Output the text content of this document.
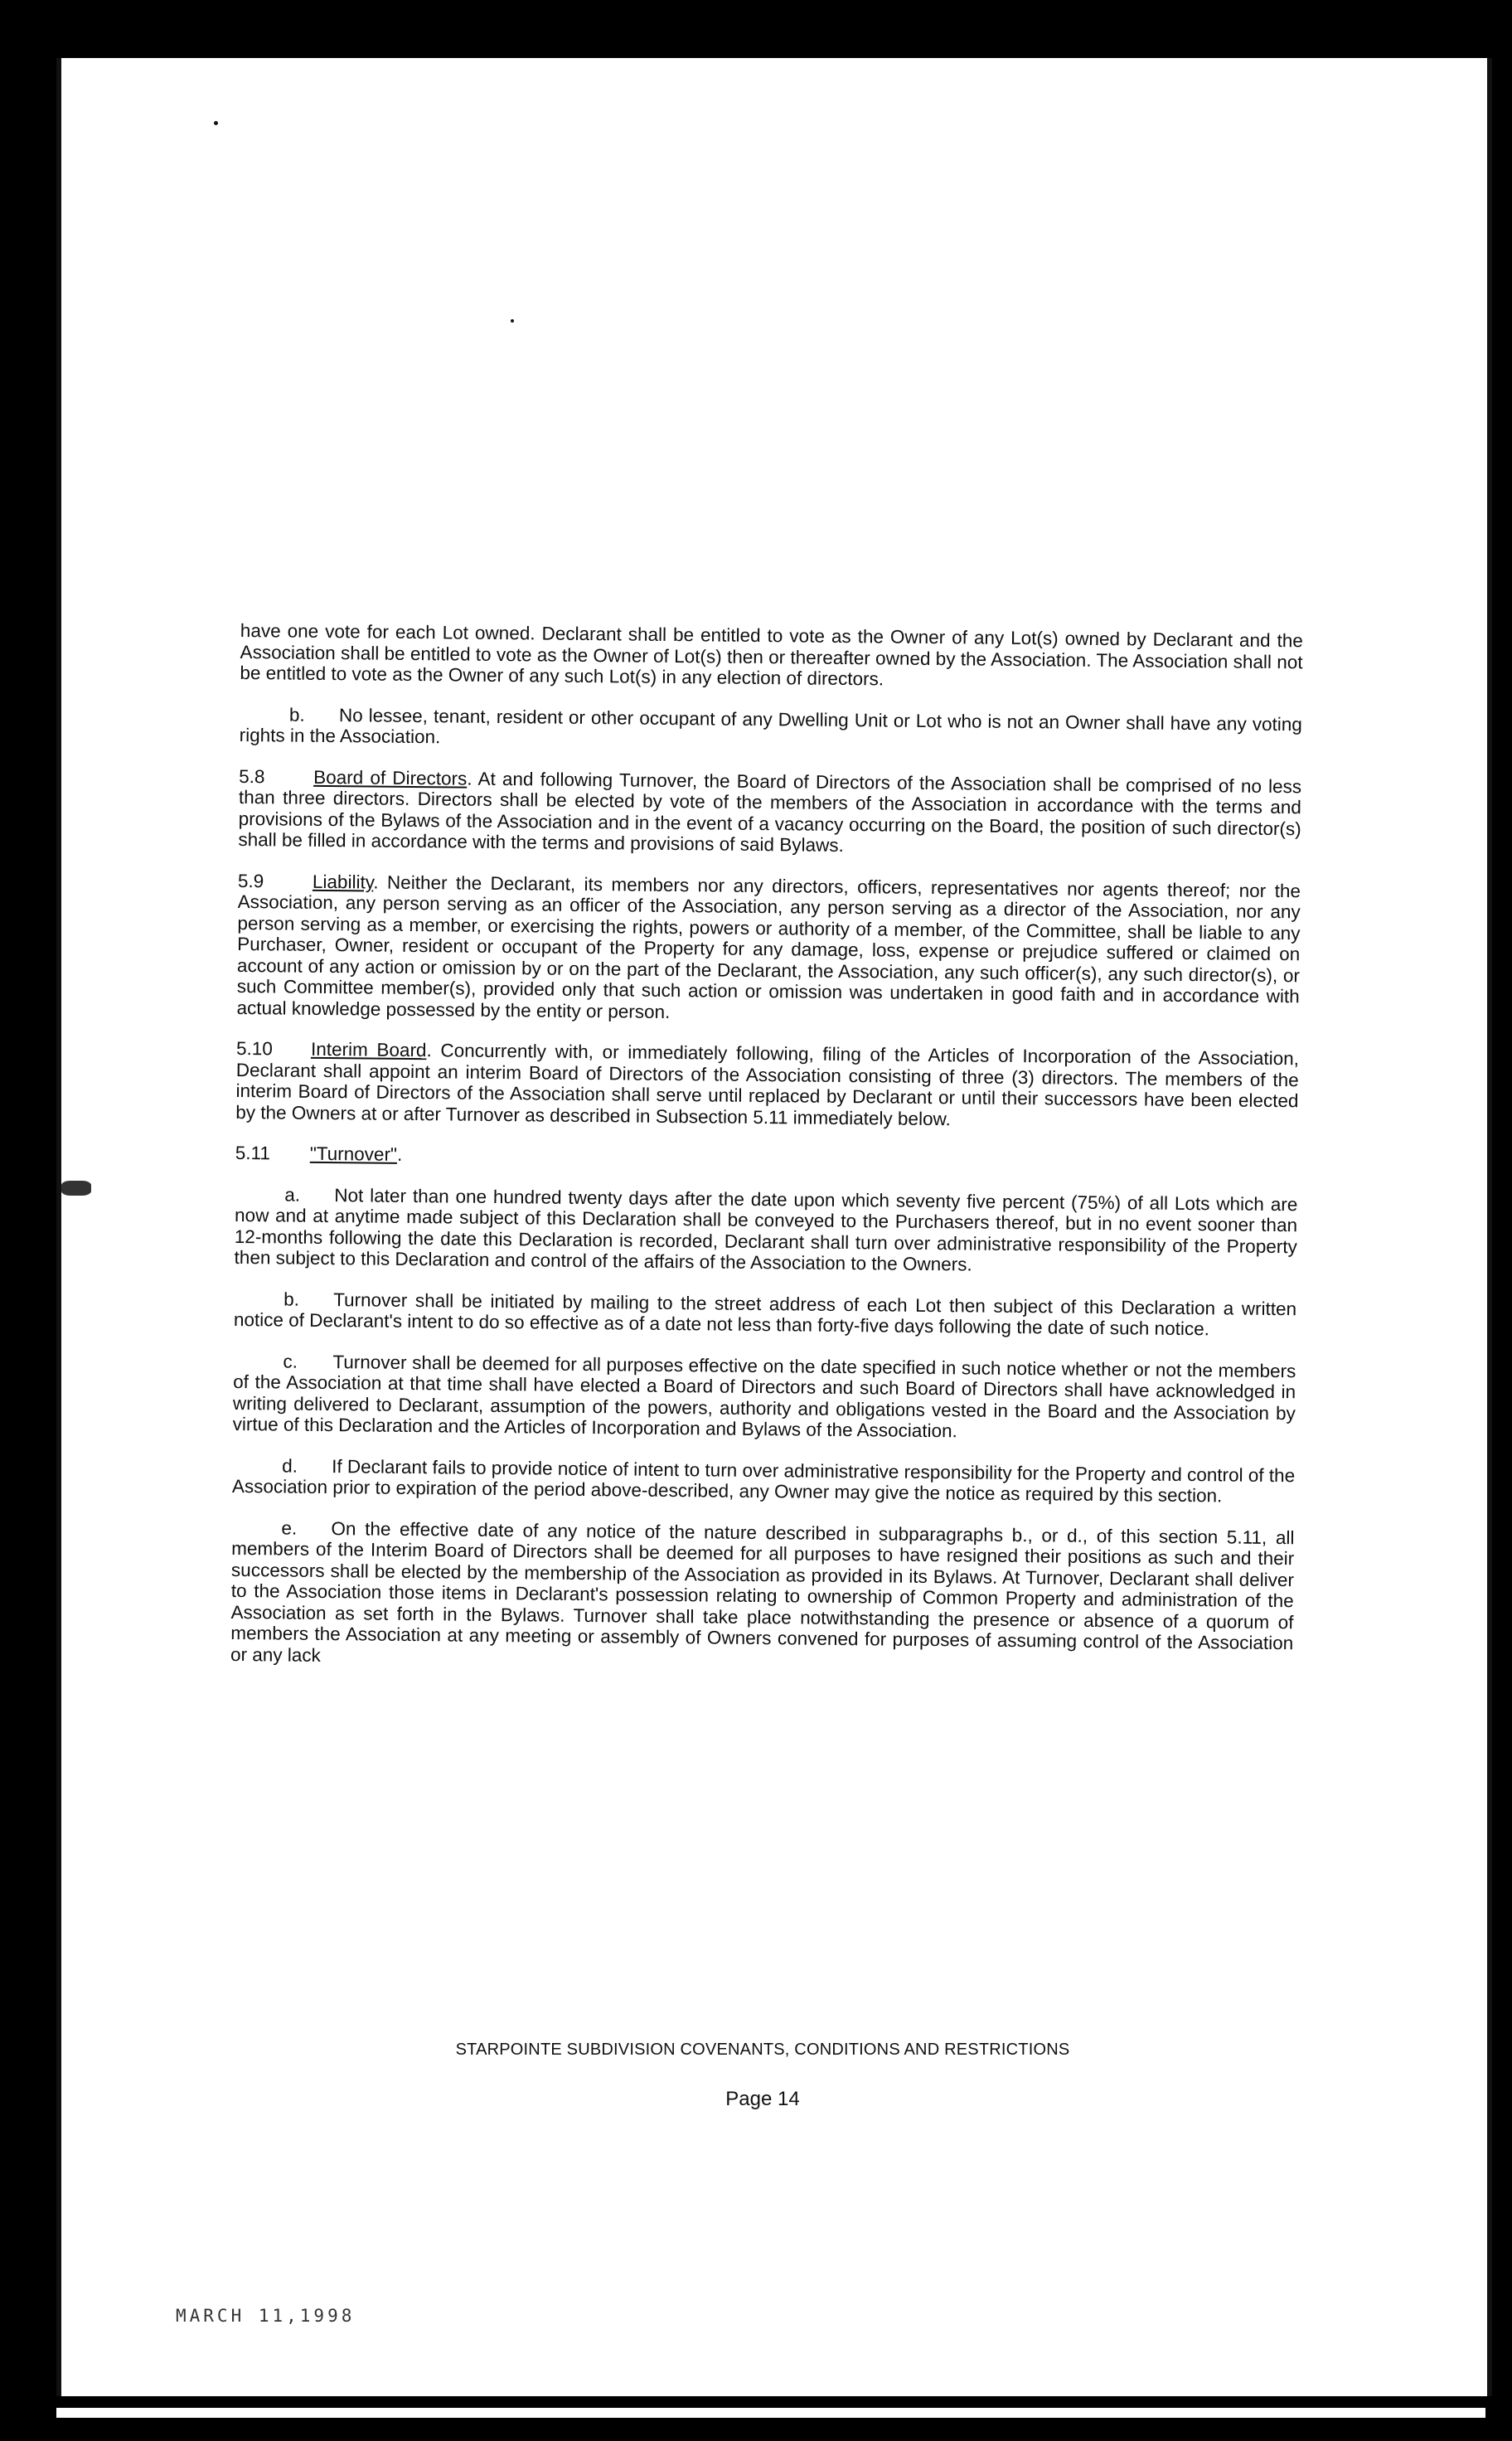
have one vote for each Lot owned. Declarant shall be entitled to vote as the Owner of any Lot(s) owned by Declarant and the Association shall be entitled to vote as the Owner of Lot(s) then or thereafter owned by the Association. The Association shall not be entitled to vote as the Owner of any such Lot(s) in any election of directors.

b. No lessee, tenant, resident or other occupant of any Dwelling Unit or Lot who is not an Owner shall have any voting rights in the Association.

5.8	Board of Directors. At and following Turnover, the Board of Directors of the Association shall be comprised of no less than three directors. Directors shall be elected by vote of the members of the Association in accordance with the terms and provisions of the Bylaws of the Association and in the event of a vacancy occurring on the Board, the position of such director(s) shall be filled in accordance with the terms and provisions of said Bylaws.

5.9	Liability. Neither the Declarant, its members nor any directors, officers, representatives nor agents thereof; nor the Association, any person serving as an officer of the Association, any person serving as a director of the Association, nor any person serving as a member, or exercising the rights, powers or authority of a member, of the Committee, shall be liable to any Purchaser, Owner, resident or occupant of the Property for any damage, loss, expense or prejudice suffered or claimed on account of any action or omission by or on the part of the Declarant, the Association, any such officer(s), any such director(s), or such Committee member(s), provided only that such action or omission was undertaken in good faith and in accordance with actual knowledge possessed by the entity or person.

5.10 Interim Board. Concurrently with, or immediately following, filing of the Articles of Incorporation of the Association, Declarant shall appoint an interim Board of Directors of the Association consisting of three (3) directors. The members of the interim Board of Directors of the Association shall serve until replaced by Declarant or until their successors have been elected by the Owners at or after Turnover as described in Subsection 5.11 immediately below.

5.11 "Turnover".

a. Not later than one hundred twenty days after the date upon which seventy five percent (75%) of all Lots which are now and at anytime made subject of this Declaration shall be conveyed to the Purchasers thereof, but in no event sooner than 12-months following the date this Declaration is recorded, Declarant shall turn over administrative responsibility of the Property then subject to this Declaration and control of the affairs of the Association to the Owners.

b. Turnover shall be initiated by mailing to the street address of each Lot then subject of this Declaration a written notice of Declarant's intent to do so effective as of a date not less than forty-five days following the date of such notice.

c. Turnover shall be deemed for all purposes effective on the date specified in such notice whether or not the members of the Association at that time shall have elected a Board of Directors and such Board of Directors shall have acknowledged in writing delivered to Declarant, assumption of the powers, authority and obligations vested in the Board and the Association by virtue of this Declaration and the Articles of Incorporation and Bylaws of the Association.

d. If Declarant fails to provide notice of intent to turn over administrative responsibility for the Property and control of the Association prior to expiration of the period above-described, any Owner may give the notice as required by this section.

e. On the effective date of any notice of the nature described in subparagraphs b., or d., of this section 5.11, all members of the Interim Board of Directors shall be deemed for all purposes to have resigned their positions as such and their successors shall be elected by the membership of the Association as provided in its Bylaws. At Turnover, Declarant shall deliver to the Association those items in Declarant's possession relating to ownership of Common Property and administration of the Association as set forth in the Bylaws. Turnover shall take place notwithstanding the presence or absence of a quorum of members the Association at any meeting or assembly of Owners convened for purposes of assuming control of the Association or any lack

STARPOINTE SUBDIVISION COVENANTS, CONDITIONS AND RESTRICTIONS
Page 14
MARCH 11,1998
